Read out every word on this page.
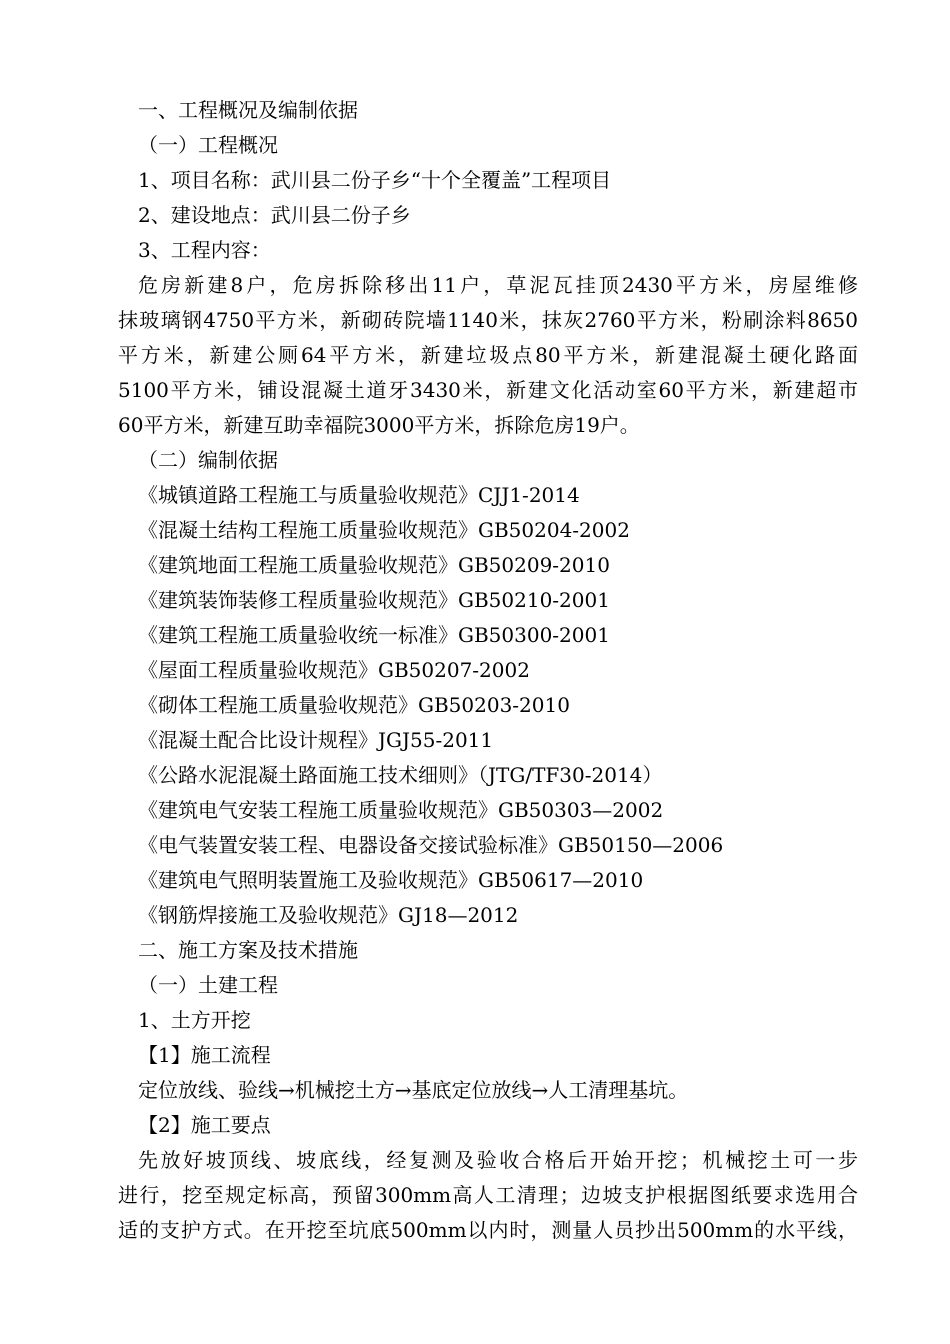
一、工程概况及编制依据
（一）工程概况
1、项目名称：武川县二份子乡“十个全覆盖”工程项目
2、建设地点：武川县二份子乡
3、工程内容：
危房新建8户，危房拆除移出11户，草泥瓦挂顶2430平方米，房屋维修
抹玻璃钢4750平方米，新砌砖院墙1140米，抹灰2760平方米，粉刷涂料8650
平方米，新建公厕64平方米，新建垃圾点80平方米，新建混凝土硬化路面
5100平方米，铺设混凝土道牙3430米，新建文化活动室60平方米，新建超市
60平方米，新建互助幸福院3000平方米，拆除危房19户。
（二）编制依据
《城镇道路工程施工与质量验收规范》CJJ1-2014
《混凝土结构工程施工质量验收规范》GB50204-2002
《建筑地面工程施工质量验收规范》GB50209-2010
《建筑装饰装修工程质量验收规范》GB50210-2001
《建筑工程施工质量验收统一标准》GB50300-2001
《屋面工程质量验收规范》GB50207-2002
《砌体工程施工质量验收规范》GB50203-2010
《混凝土配合比设计规程》JGJ55-2011
《公路水泥混凝土路面施工技术细则》（JTG/TF30-2014）
《建筑电气安装工程施工质量验收规范》GB50303—2002
《电气装置安装工程、电器设备交接试验标准》GB50150—2006
《建筑电气照明装置施工及验收规范》GB50617—2010
《钢筋焊接施工及验收规范》GJ18—2012
二、施工方案及技术措施
（一）土建工程
1、土方开挖
【1】施工流程
定位放线、验线→机械挖土方→基底定位放线→人工清理基坑。
【2】施工要点
先放好坡顶线、坡底线，经复测及验收合格后开始开挖；机械挖土可一步
进行，挖至规定标高，预留300mm高人工清理；边坡支护根据图纸要求选用合
适的支护方式。在开挖至坑底500mm以内时，测量人员抄出500mm的水平线，
